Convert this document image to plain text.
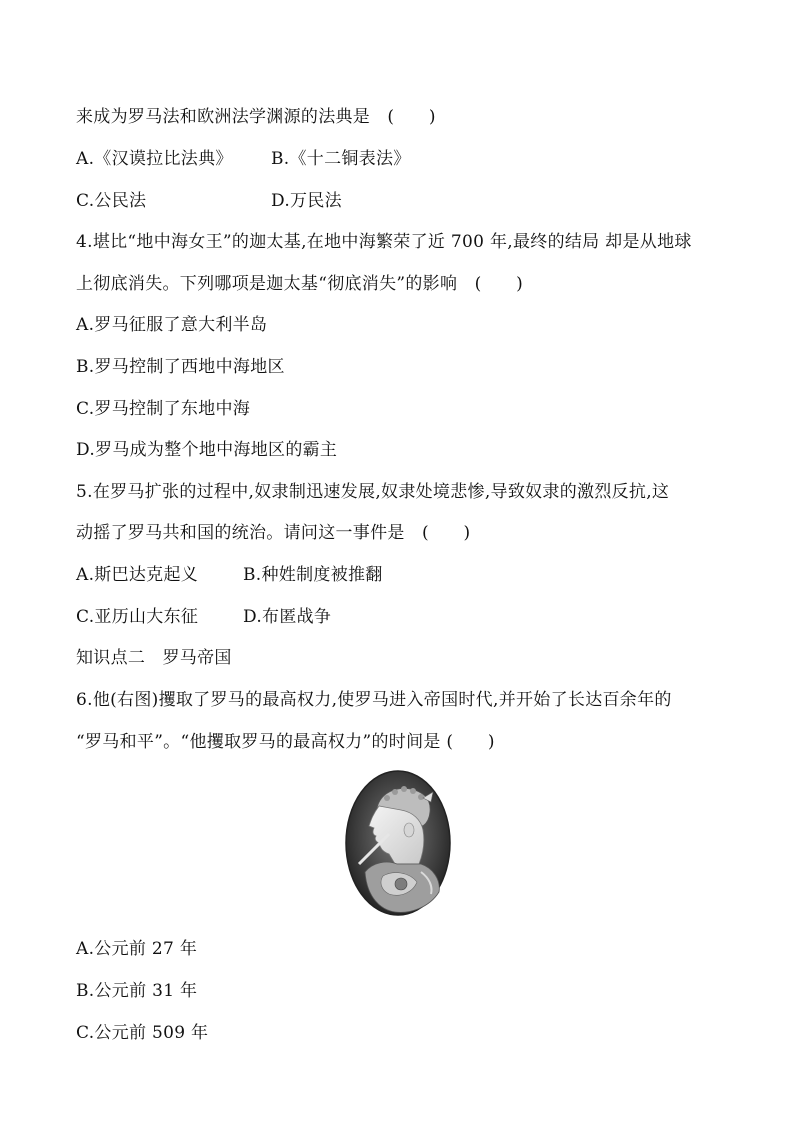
来成为罗马法和欧洲法学渊源的法典是　(　　)
A.《汉谟拉比法典》 B.《十二铜表法》
C.公民法	D.万民法
4.堪比“地中海女王”的迦太基,在地中海繁荣了近 700 年,最终的结局 却是从地球
上彻底消失。下列哪项是迦太基“彻底消失”的影响　(　　)
A.罗马征服了意大利半岛
B.罗马控制了西地中海地区
C.罗马控制了东地中海
D.罗马成为整个地中海地区的霸主
5.在罗马扩张的过程中,奴隶制迅速发展,奴隶处境悲惨,导致奴隶的激烈反抗,这
动摇了罗马共和国的统治。请问这一事件是　(　　)
A.斯巴达克起义	B.种姓制度被推翻
C.亚历山大东征	D.布匿战争
知识点二　罗马帝国
6.他(右图)攫取了罗马的最高权力,使罗马进入帝国时代,并开始了长达百余年的
“罗马和平”。“他攫取罗马的最高权力”的时间是 (　　)
A.公元前 27 年
B.公元前 31 年
C.公元前 509 年
